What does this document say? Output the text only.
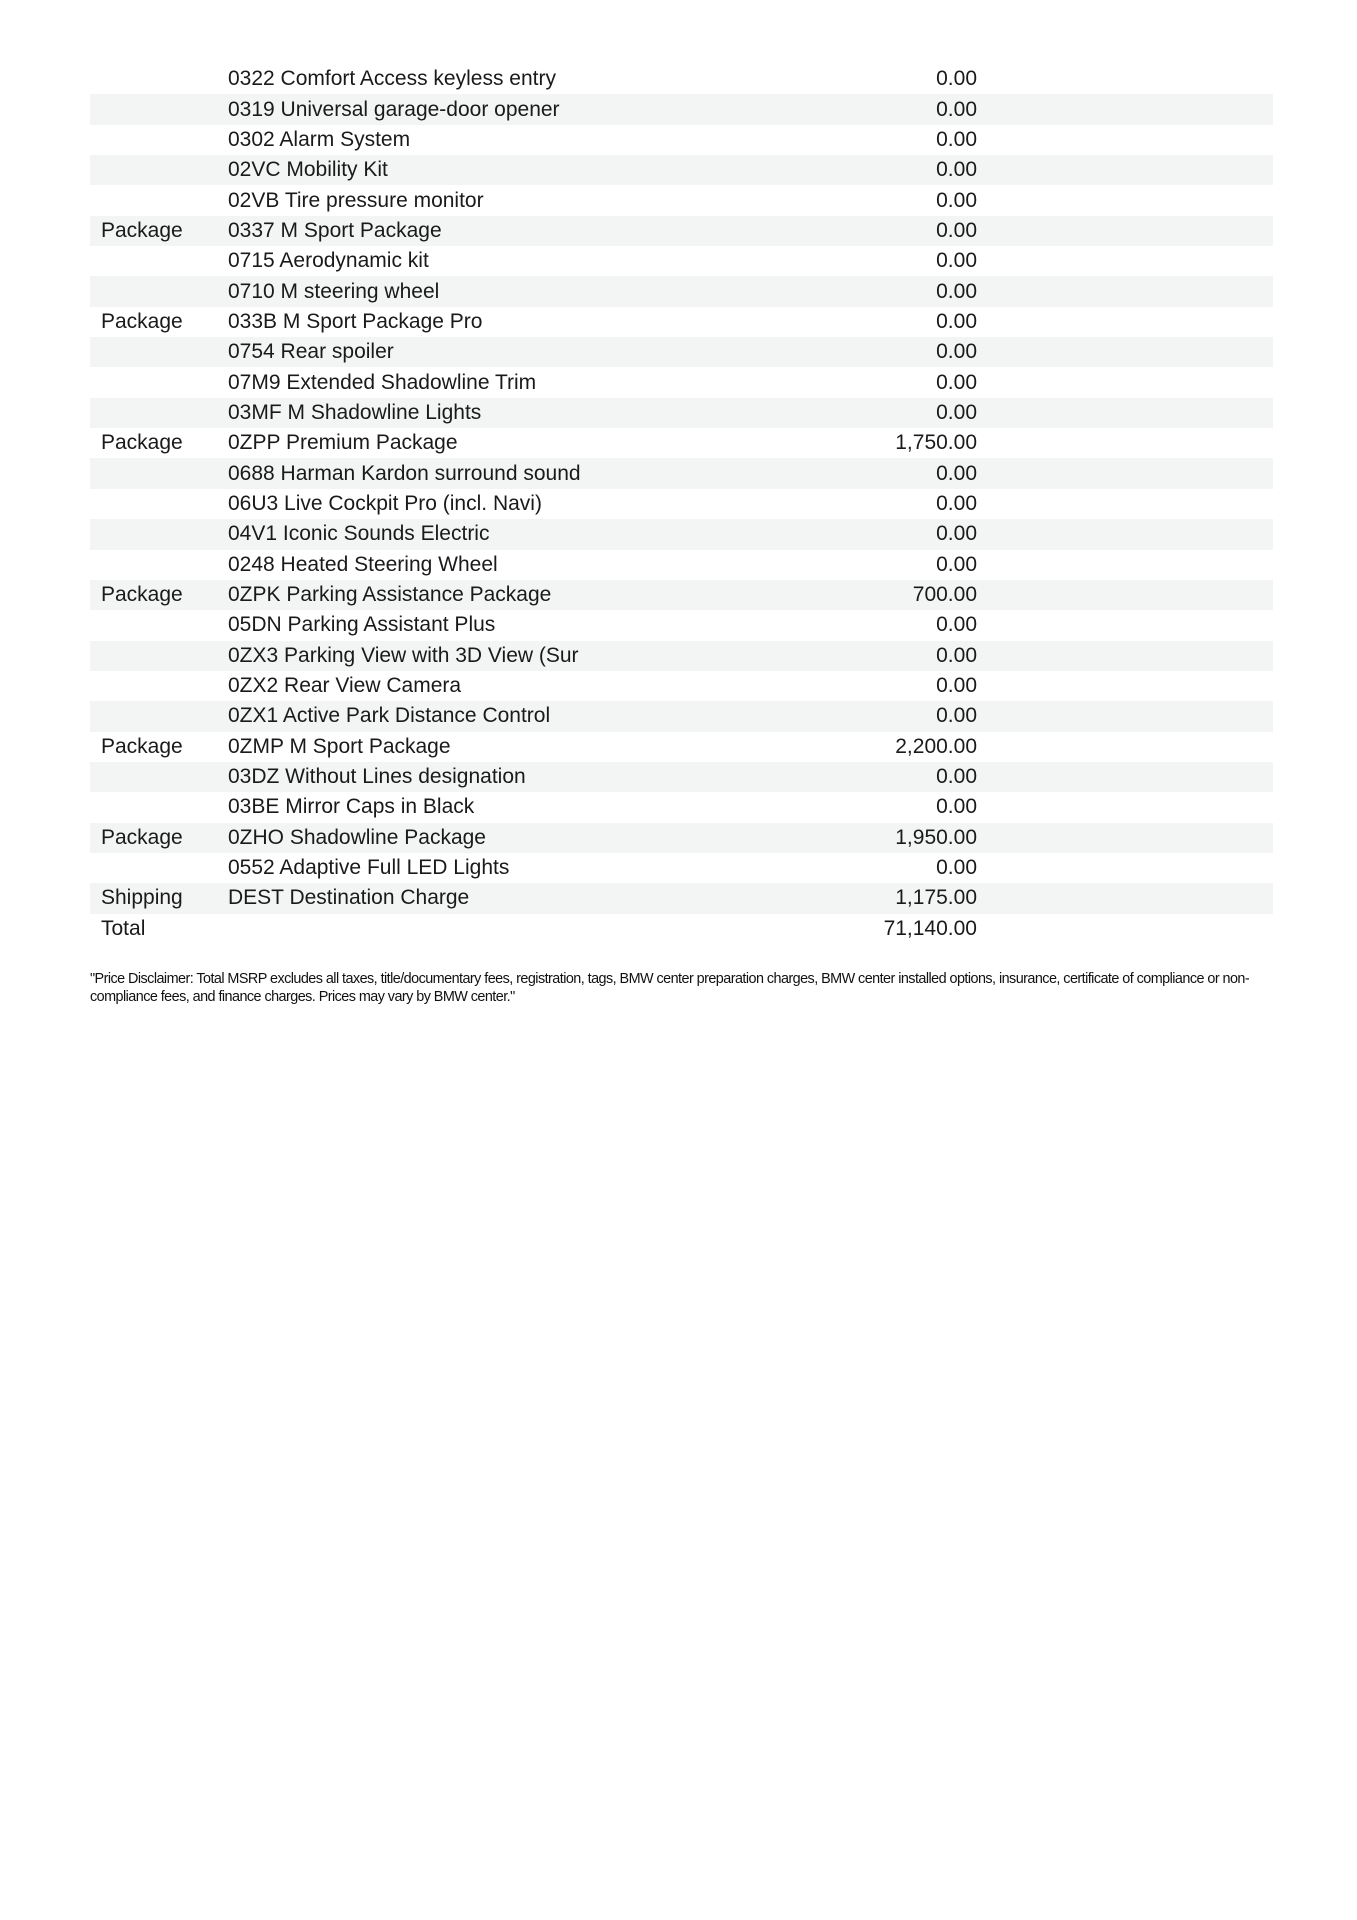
0322 Comfort Access keyless entry	0.00
0319 Universal garage-door opener	0.00
0302 Alarm System	0.00
02VC Mobility Kit	0.00
02VB Tire pressure monitor	0.00
Package	0337 M Sport Package	0.00
0715 Aerodynamic kit	0.00
0710 M steering wheel	0.00
Package	033B M Sport Package Pro	0.00
0754 Rear spoiler	0.00
07M9 Extended Shadowline Trim	0.00
03MF M Shadowline Lights	0.00
Package	0ZPP Premium Package	1,750.00
0688 Harman Kardon surround sound	0.00
06U3 Live Cockpit Pro (incl. Navi)	0.00
04V1 Iconic Sounds Electric	0.00
0248 Heated Steering Wheel	0.00
Package	0ZPK Parking Assistance Package	700.00
05DN Parking Assistant Plus	0.00
0ZX3 Parking View with 3D View (Sur	0.00
0ZX2 Rear View Camera	0.00
0ZX1 Active Park Distance Control	0.00
Package	0ZMP M Sport Package	2,200.00
03DZ Without Lines designation	0.00
03BE Mirror Caps in Black	0.00
Package	0ZHO Shadowline Package	1,950.00
0552 Adaptive Full LED Lights	0.00
Shipping	DEST Destination Charge	1,175.00
Total	71,140.00
"Price Disclaimer: Total MSRP excludes all taxes, title/documentary fees, registration, tags, BMW center preparation charges, BMW center installed options, insurance, certificate of compliance or non-compliance fees, and finance charges. Prices may vary by BMW center."
